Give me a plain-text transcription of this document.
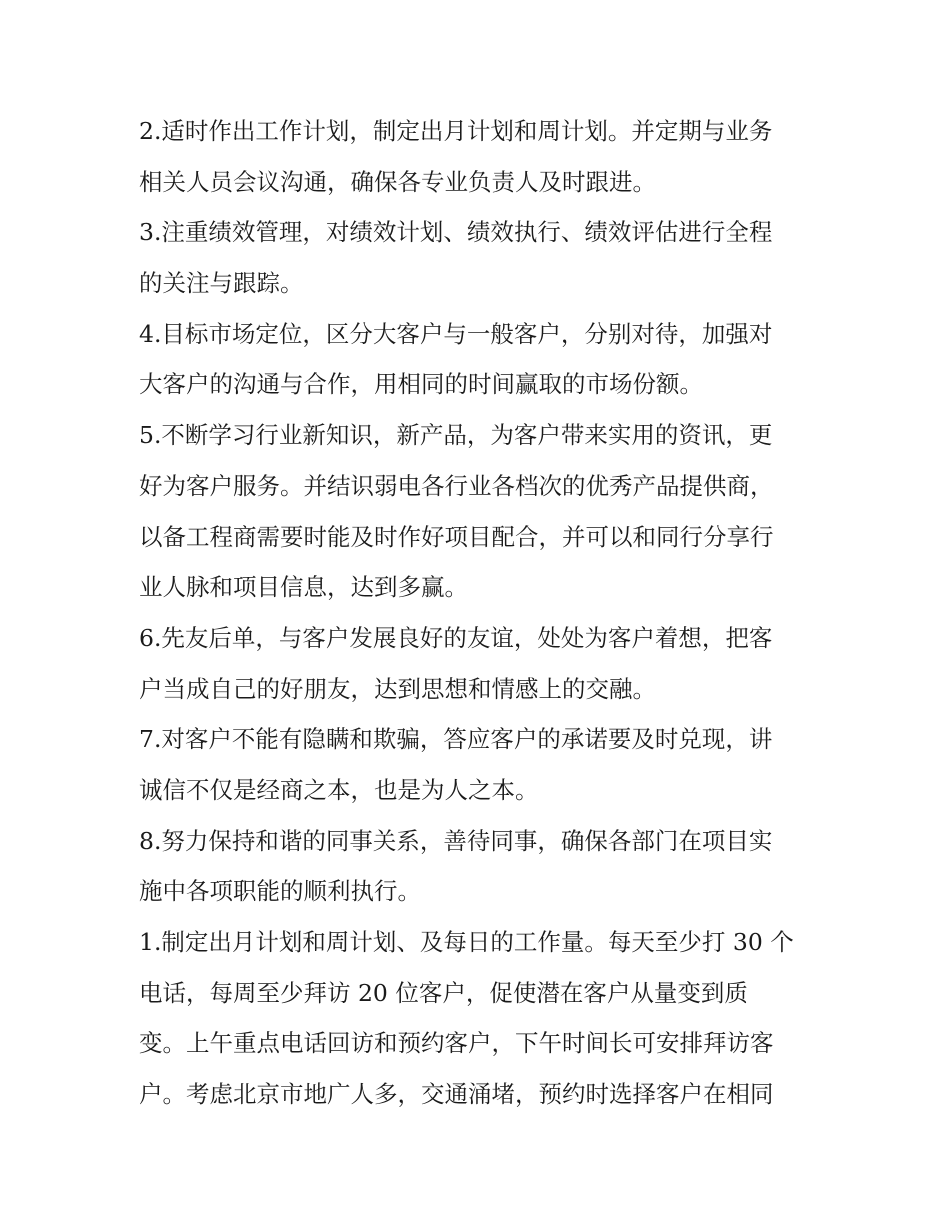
2.适时作出工作计划，制定出月计划和周计划。并定期与业务
相关人员会议沟通，确保各专业负责人及时跟进。
3.注重绩效管理，对绩效计划、绩效执行、绩效评估进行全程
的关注与跟踪。
4.目标市场定位，区分大客户与一般客户，分别对待，加强对
大客户的沟通与合作，用相同的时间赢取的市场份额。
5.不断学习行业新知识，新产品，为客户带来实用的资讯，更
好为客户服务。并结识弱电各行业各档次的优秀产品提供商，
以备工程商需要时能及时作好项目配合，并可以和同行分享行
业人脉和项目信息，达到多赢。
6.先友后单，与客户发展良好的友谊，处处为客户着想，把客
户当成自己的好朋友，达到思想和情感上的交融。
7.对客户不能有隐瞒和欺骗，答应客户的承诺要及时兑现，讲
诚信不仅是经商之本，也是为人之本。
8.努力保持和谐的同事关系，善待同事，确保各部门在项目实
施中各项职能的顺利执行。
1.制定出月计划和周计划、及每日的工作量。每天至少打 30 个
电话，每周至少拜访 20 位客户，促使潜在客户从量变到质
变。上午重点电话回访和预约客户，下午时间长可安排拜访客
户。考虑北京市地广人多，交通涌堵，预约时选择客户在相同
